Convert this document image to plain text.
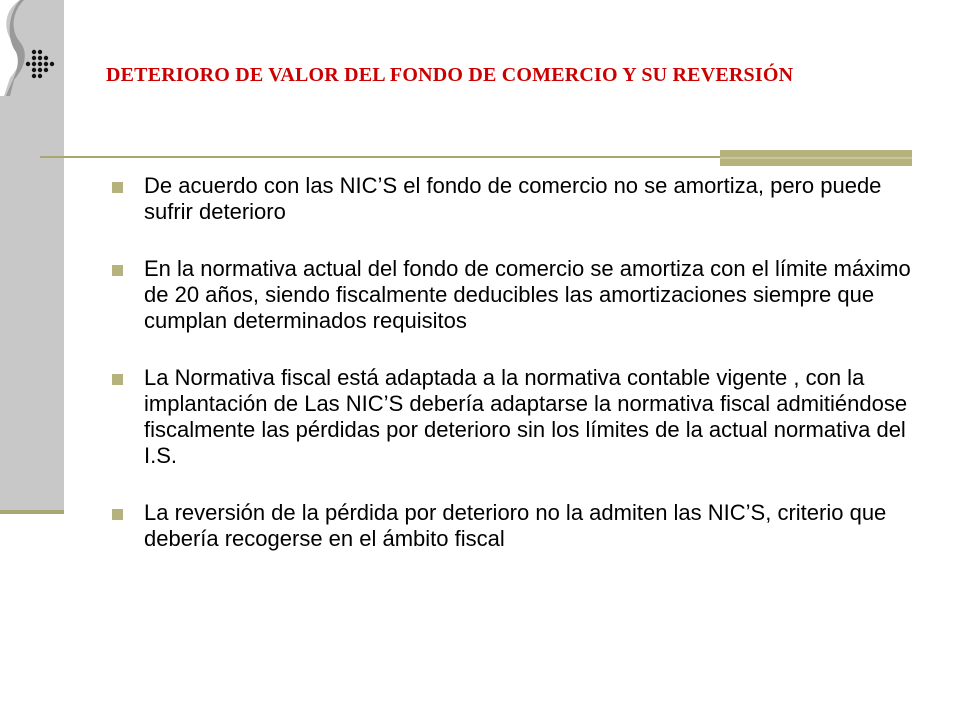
DETERIORO DE VALOR DEL FONDO DE COMERCIO Y SU REVERSIÓN
De acuerdo con las NIC’S el fondo de comercio no se amortiza, pero puede sufrir deterioro
En la normativa actual del fondo de comercio se amortiza con el límite máximo de 20 años, siendo fiscalmente deducibles las amortizaciones siempre que cumplan determinados requisitos
La Normativa fiscal está adaptada a la normativa contable vigente , con la implantación de Las NIC’S debería adaptarse la normativa fiscal admitiéndose fiscalmente las pérdidas por deterioro sin los límites de la actual normativa del I.S.
La reversión de la pérdida por deterioro no la admiten las NIC’S, criterio que debería recogerse en el ámbito fiscal
